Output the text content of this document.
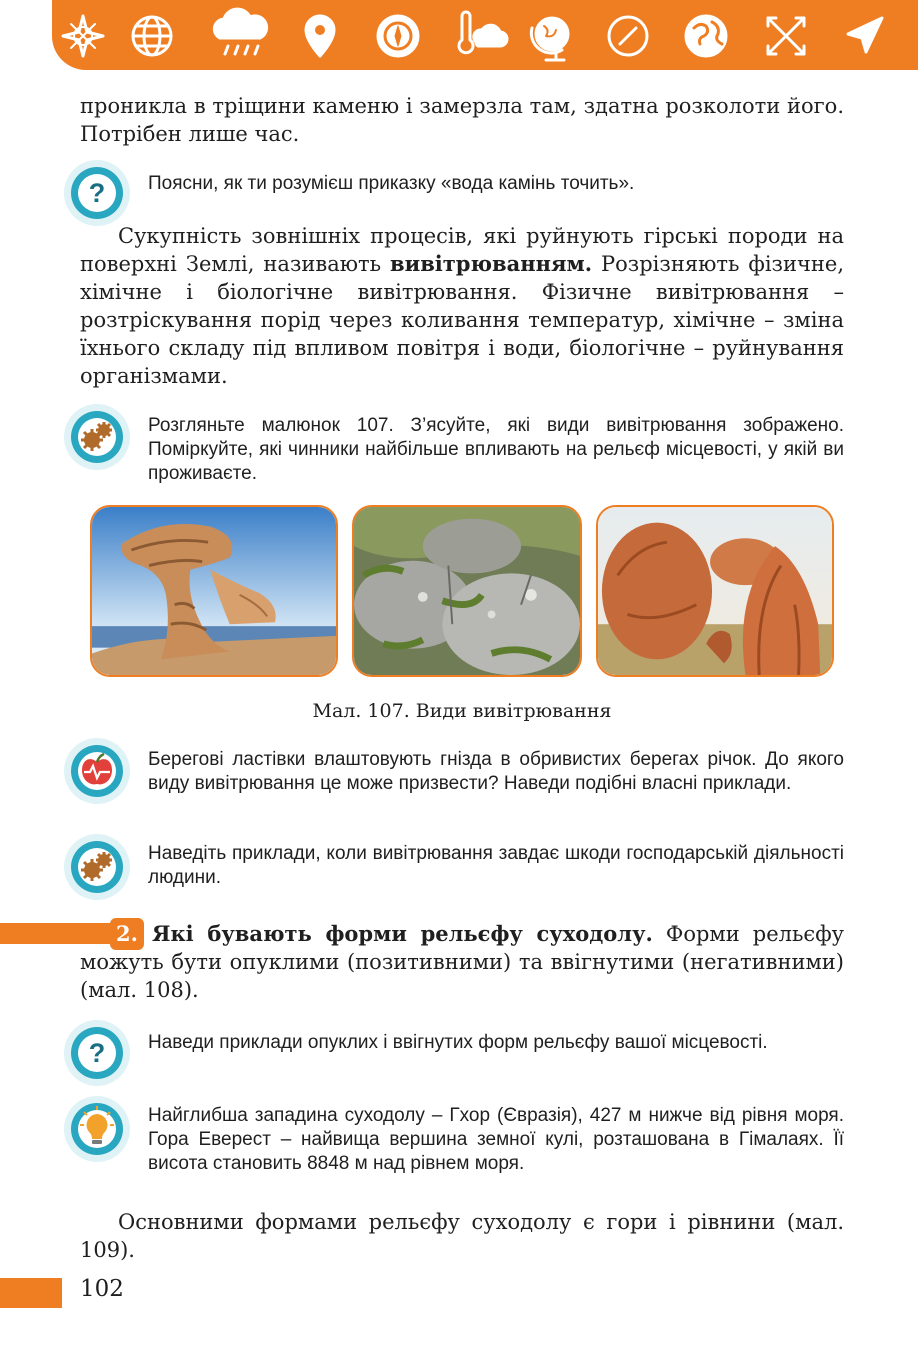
проникла в тріщини каменю і замерзла там, здатна розколоти його. Потрібен лише час.
? Поясни, як ти розумієш приказку «вода камінь точить».
Сукупність зовнішніх процесів, які руйнують гірські породи на поверхні Землі, називають вивітрюванням. Розрізняють фізичне, хімічне і біологічне вивітрювання. Фізичне вивітрювання – розтріскування порід через коливання температур, хімічне – зміна їхнього складу під впливом повітря і води, біологічне – руйнування організмами.
Розгляньте малюнок 107. З’ясуйте, які види вивітрювання зображено. Поміркуйте, які чинники найбільше впливають на рельєф місцевості, у якій ви проживаєте.
Мал. 107. Види вивітрювання
Берегові ластівки влаштовують гнізда в обривистих берегах річок. До якого виду вивітрювання це може призвести? Наведи подібні власні приклади.
Наведіть приклади, коли вивітрювання завдає шкоди господарській діяльності людини.
2. Які бувають форми рельєфу суходолу. Форми рельєфу можуть бути опуклими (позитивними) та ввігнутими (негативними) (мал. 108).
? Наведи приклади опуклих і ввігнутих форм рельєфу вашої місцевості.
Найглибша западина суходолу – Гхор (Євразія), 427 м нижче від рівня моря. Гора Еверест – найвища вершина земної кулі, розташована в Гімалаях. Її висота становить 8848 м над рівнем моря.
Основними формами рельєфу суходолу є гори і рівнини (мал. 109).
102
